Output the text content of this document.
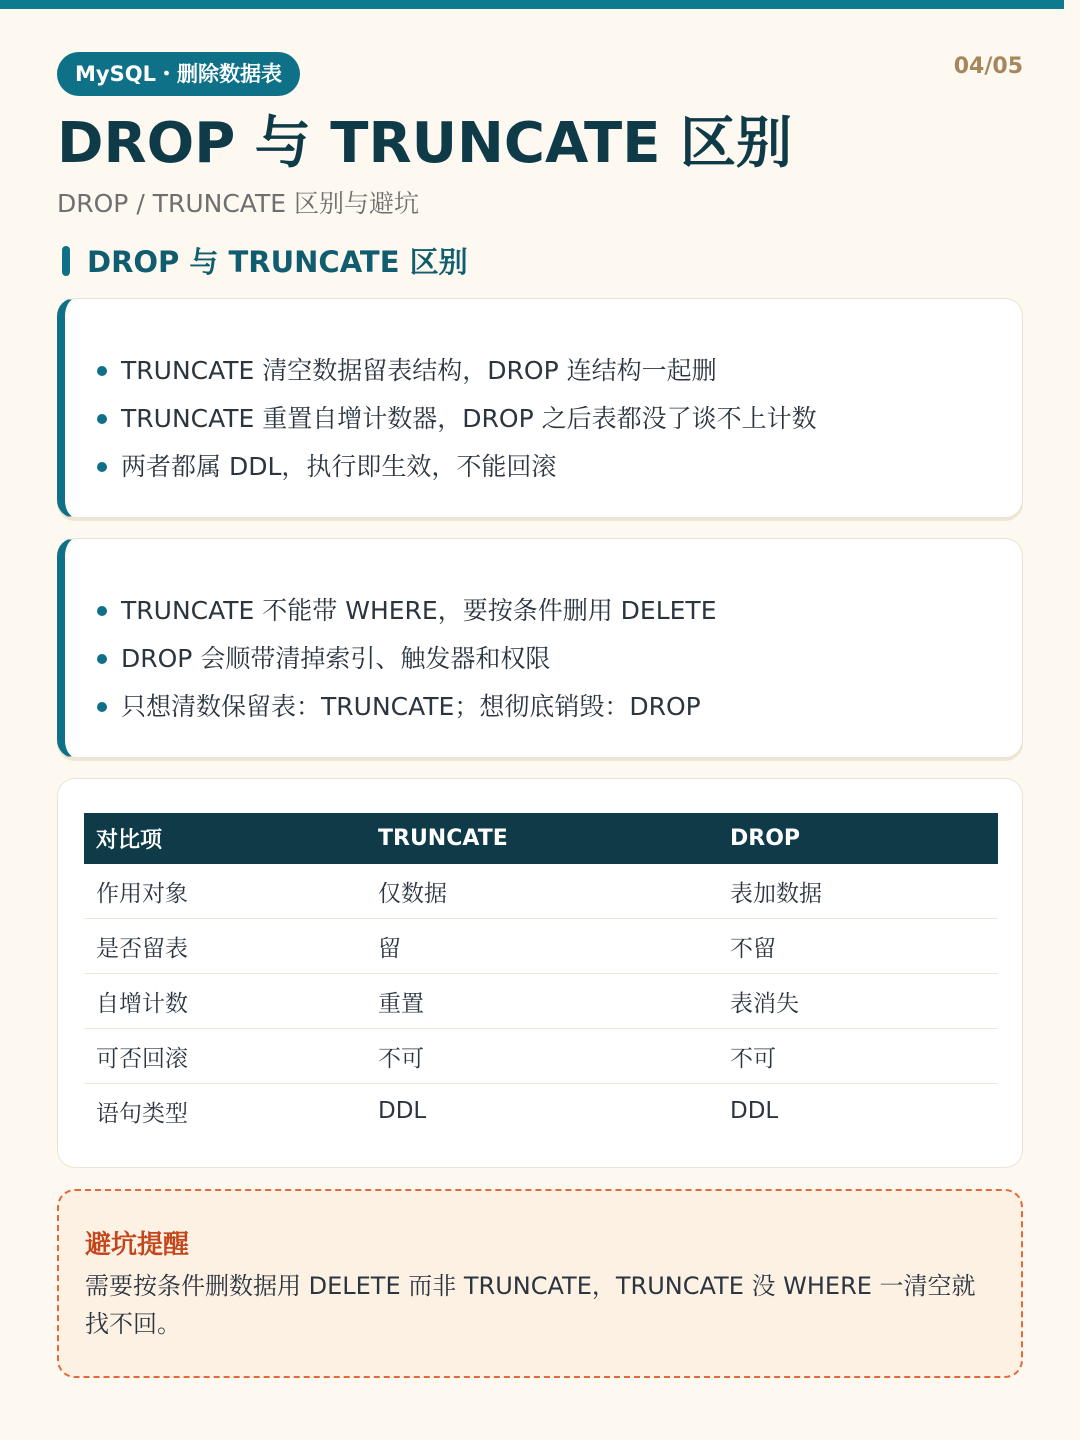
MySQL・删除数据表	04/05
DROP 与 TRUNCATE 区别
DROP / TRUNCATE 区别与避坑
DROP 与 TRUNCATE 区别
TRUNCATE 清空数据留表结构，DROP 连结构一起删
TRUNCATE 重置自增计数器，DROP 之后表都没了谈不上计数
两者都属 DDL，执行即生效，不能回滚
TRUNCATE 不能带 WHERE，要按条件删用 DELETE
DROP 会顺带清掉索引、触发器和权限
只想清数保留表：TRUNCATE；想彻底销毁：DROP
对比项	TRUNCATE	DROP
作用对象	仅数据	表加数据
是否留表	留	不留
自增计数	重置	表消失
可否回滚	不可	不可
语句类型	DDL	DDL
避坑提醒
需要按条件删数据用 DELETE 而非 TRUNCATE，TRUNCATE 没 WHERE 一清空就找不回。
